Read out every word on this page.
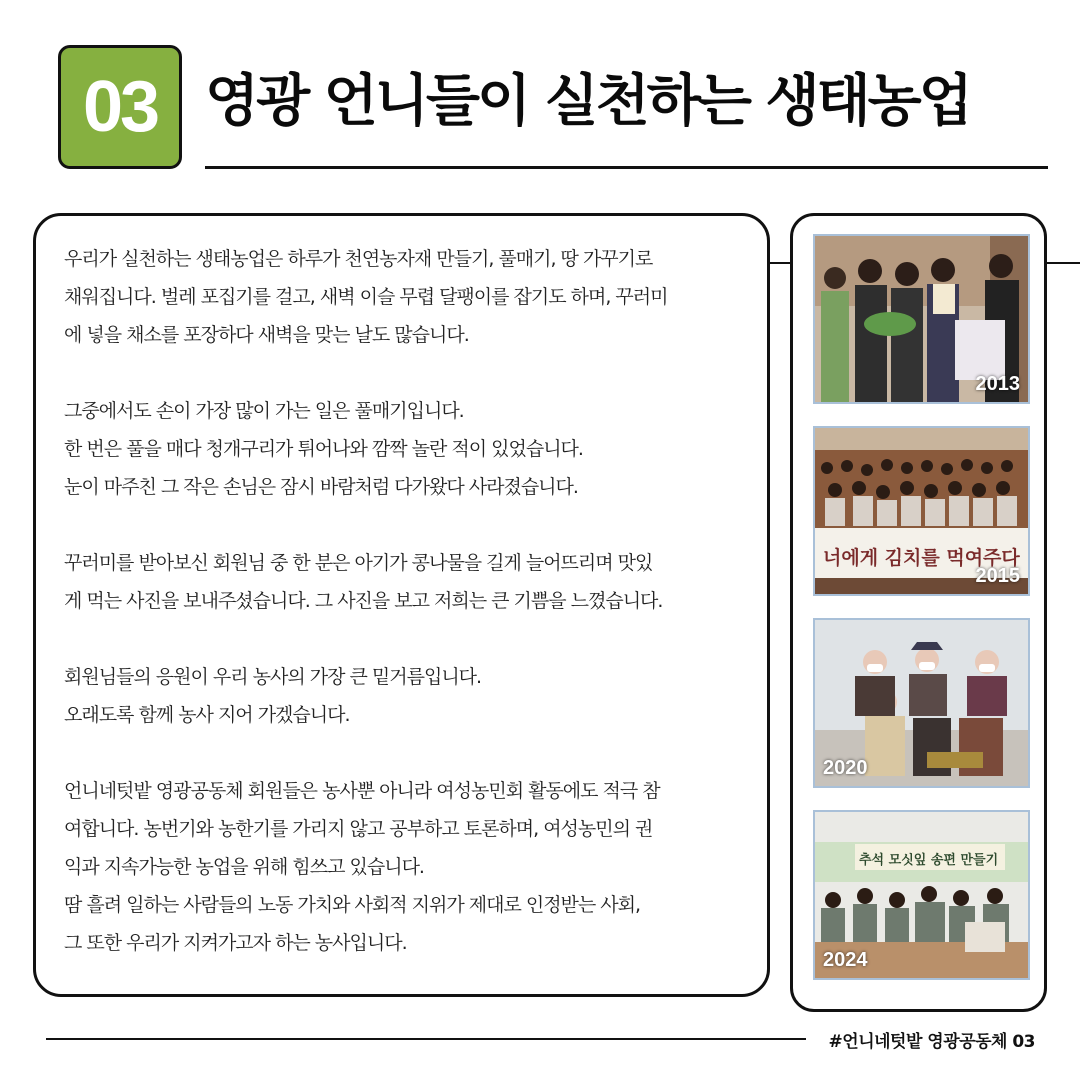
03 영광 언니들이 실천하는 생태농업
우리가 실천하는 생태농업은 하루가 천연농자재 만들기, 풀매기, 땅 가꾸기로
채워집니다. 벌레 포집기를 걸고, 새벽 이슬 무렵 달팽이를 잡기도 하며, 꾸러미
에 넣을 채소를 포장하다 새벽을 맞는 날도 많습니다.
그중에서도 손이 가장 많이 가는 일은 풀매기입니다.
한 번은 풀을 매다 청개구리가 튀어나와 깜짝 놀란 적이 있었습니다.
눈이 마주친 그 작은 손님은 잠시 바람처럼 다가왔다 사라졌습니다.
꾸러미를 받아보신 회원님 중 한 분은 아기가 콩나물을 길게 늘어뜨리며 맛있
게 먹는 사진을 보내주셨습니다. 그 사진을 보고 저희는 큰 기쁨을 느꼈습니다.
회원님들의 응원이 우리 농사의 가장 큰 밑거름입니다.
오래도록 함께 농사 지어 가겠습니다.
언니네텃밭 영광공동체 회원들은 농사뿐 아니라 여성농민회 활동에도 적극 참
여합니다. 농번기와 농한기를 가리지 않고 공부하고 토론하며, 여성농민의 권
익과 지속가능한 농업을 위해 힘쓰고 있습니다.
땀 흘려 일하는 사람들의 노동 가치와 사회적 지위가 제대로 인정받는 사회,
그 또한 우리가 지켜가고자 하는 농사입니다.
2013
너에게 김치를 먹여주다
2015
2020
추석 모싯잎 송편 만들기
2024
#언니네텃밭 영광공동체 03
